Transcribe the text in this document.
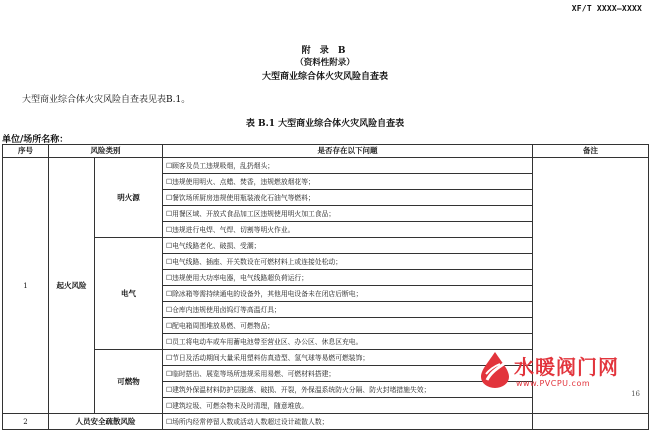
XF/T XXXX—XXXX
附 录 B
（资料性附录）
大型商业综合体火灾风险自查表
大型商业综合体火灾风险自查表见表B.1。
表 B.1 大型商业综合体火灾风险自查表
单位/场所名称：
序号	风险类别		是否存在以下问题	备注
1	起火风险	明火源	☐顾客及员工违规吸烟，乱扔烟头；	
			☐违规使用明火、点蜡、焚香，违规燃放烟花等；	
			☐餐饮场所厨房违规使用瓶装液化石油气等燃料；	
			☐用餐区域、开放式食品加工区违规使用明火加工食品；	
			☐违规进行电焊、气焊、切割等明火作业。	
		电气	☐电气线路老化、破损、受潮；	
			☐电气线路、插座、开关数设在可燃材料上或连接处松动；	
			☐违规使用大功率电器，电气线路超负荷运行；	
			☐除冰箱等需持续通电的设备外，其他用电设备未在闭店后断电；	
			☐仓库内违规使用卤钨灯等高温灯具；	
			☐配电箱周围堆放易燃、可燃物品；	
			☐员工将电动车或车用蓄电池带至营业区、办公区、休息区充电。	
		可燃物	☐节日及活动期间大量采用塑料仿真造型、氢气球等易燃可燃装饰；	
			☐临时搭出、展览等场所违规采用易燃、可燃材料搭建；	
			☐建筑外保温材料防护层脱落、破损、开裂，外保温系统防火分隔、防火封堵措施失效；	
			☐建筑垃圾、可燃杂物未及时清理，随意堆放。	
2	人员安全疏散风险		☐场所内经常停留人数或活动人数超过设计疏散人数；	
水暖阀门网
www.PVCPU.com
16
